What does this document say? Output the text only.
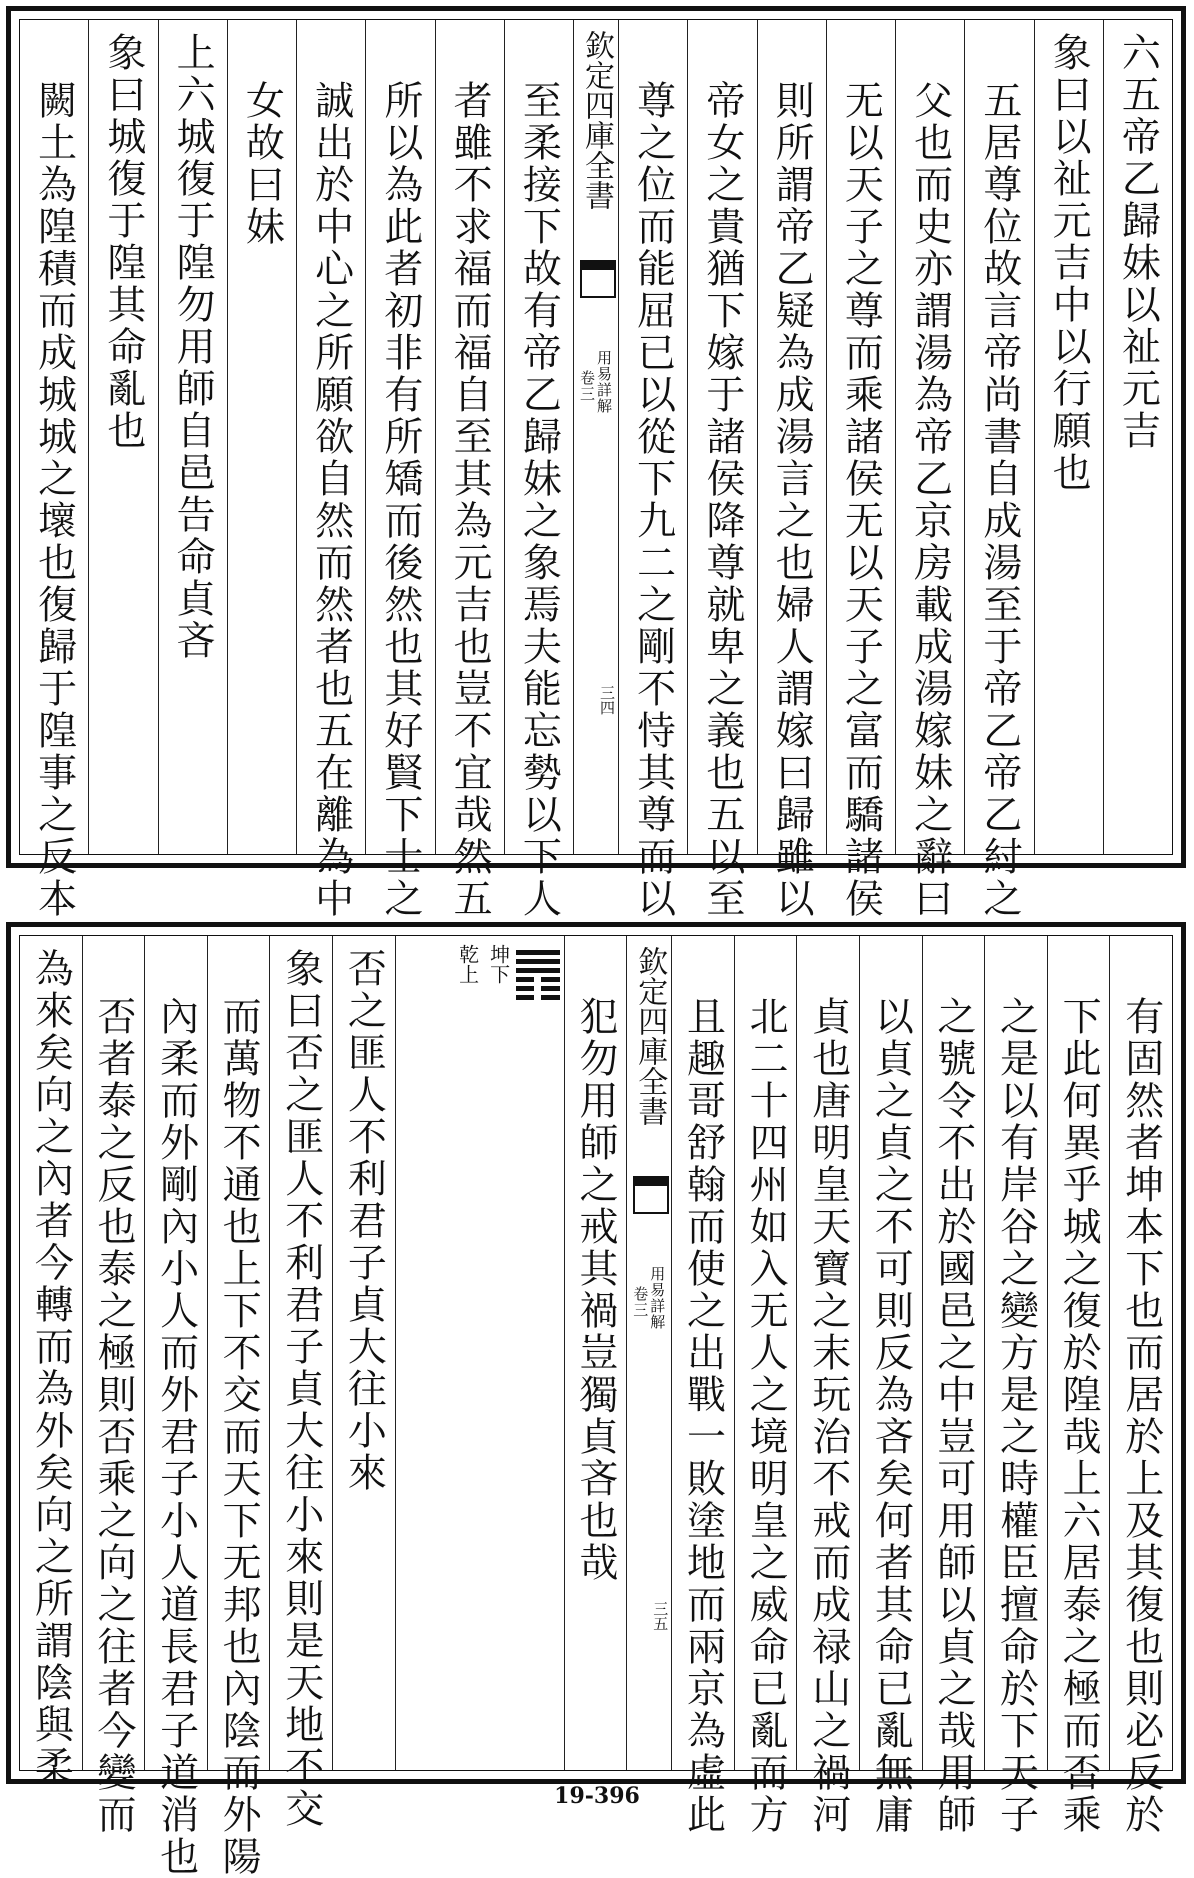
六五帝乙歸妹以祉元吉
象曰以祉元吉中以行願也
五居尊位故言帝尚書自成湯至于帝乙帝乙紂之
父也而史亦謂湯為帝乙京房載成湯嫁妹之辭曰
无以天子之尊而乘諸侯无以天子之富而驕諸侯
則所謂帝乙疑為成湯言之也婦人謂嫁曰歸雖以
帝女之貴猶下嫁于諸侯降尊就卑之義也五以至
尊之位而能屈已以從下九二之剛不恃其尊而以
欽定四庫全書
用易詳解
卷三
三四
至柔接下故有帝乙歸妹之象焉夫能忘勢以下人
者雖不求福而福自至其為元吉也豈不宜哉然五
所以為此者初非有所矯而後然也其好賢下士之
誠出於中心之所願欲自然而然者也五在離為中
女故曰妹
上六城復于隍勿用師自邑告命貞吝
象曰城復于隍其命亂也
闕土為隍積而成城城之壞也復歸于隍事之反本
有固然者坤本下也而居於上及其復也則必反於
下此何異乎城之復於隍哉上六居泰之極而否乘
之是以有岸谷之變方是之時權臣擅命於下天子
之號令不出於國邑之中豈可用師以貞之哉用師
以貞之貞之不可則反為吝矣何者其命已亂無庸
貞也唐明皇天寶之末玩治不戒而成禄山之禍河
北二十四州如入无人之境明皇之威命已亂而方
且趣哥舒翰而使之出戰一敗塗地而兩京為虛此
欽定四庫全書
用易詳解
卷三
三五
犯勿用師之戒其禍豈獨貞吝也哉
坤下
乾上
否之匪人不利君子貞大往小來
象曰否之匪人不利君子貞大往小來則是天地不交
而萬物不通也上下不交而天下无邦也內陰而外陽
內柔而外剛內小人而外君子小人道長君子道消也
否者泰之反也泰之極則否乘之向之往者今變而
為來矣向之內者今轉而為外矣向之所謂陰與柔
19-396
